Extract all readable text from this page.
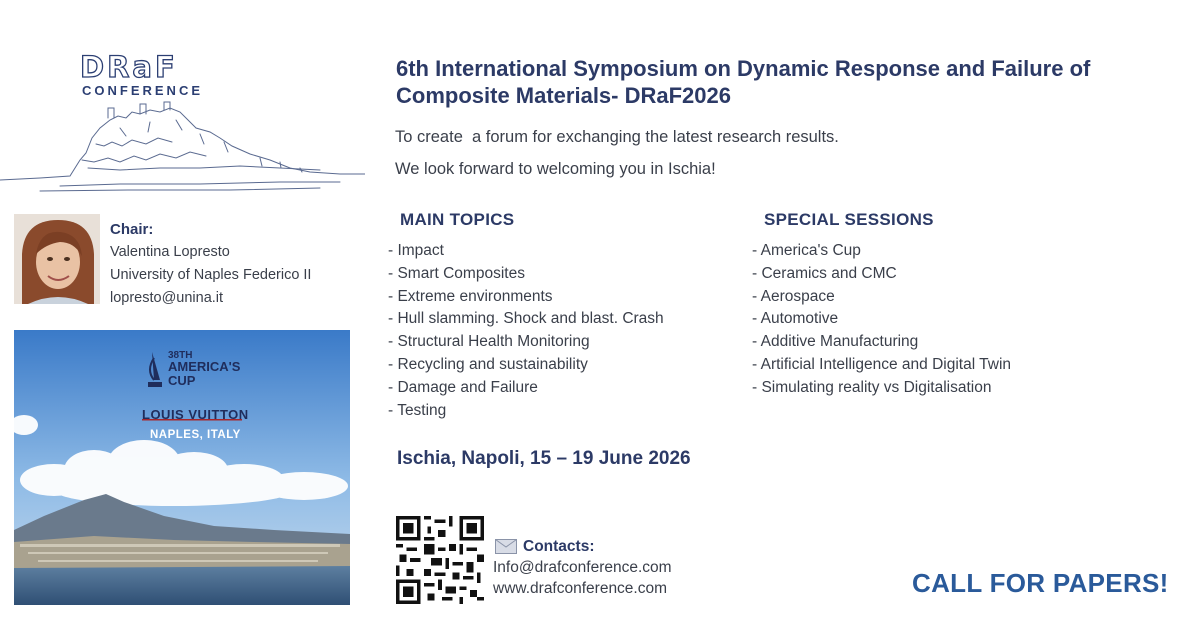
DRaF
CONFERENCE
Chair:
Valentina Lopresto
University of Naples Federico II
lopresto@unina.it
38TH
AMERICA'S
CUP
LOUIS VUITTON
NAPLES, ITALY
6th International Symposium on Dynamic Response and Failure of
Composite Materials- DRaF2026
To create  a forum for exchanging the latest research results.
We look forward to welcoming you in Ischia!
MAIN TOPICS
- Impact
- Smart Composites
- Extreme environments
- Hull slamming. Shock and blast. Crash
- Structural Health Monitoring
- Recycling and sustainability
- Damage and Failure
- Testing
SPECIAL SESSIONS
- America's Cup
- Ceramics and CMC
- Aerospace
- Automotive
- Additive Manufacturing
- Artificial Intelligence and Digital Twin
- Simulating reality vs Digitalisation
Ischia, Napoli, 15 – 19 June 2026
Contacts:
Info@drafconference.com
www.drafconference.com	CALL FOR PAPERS!
